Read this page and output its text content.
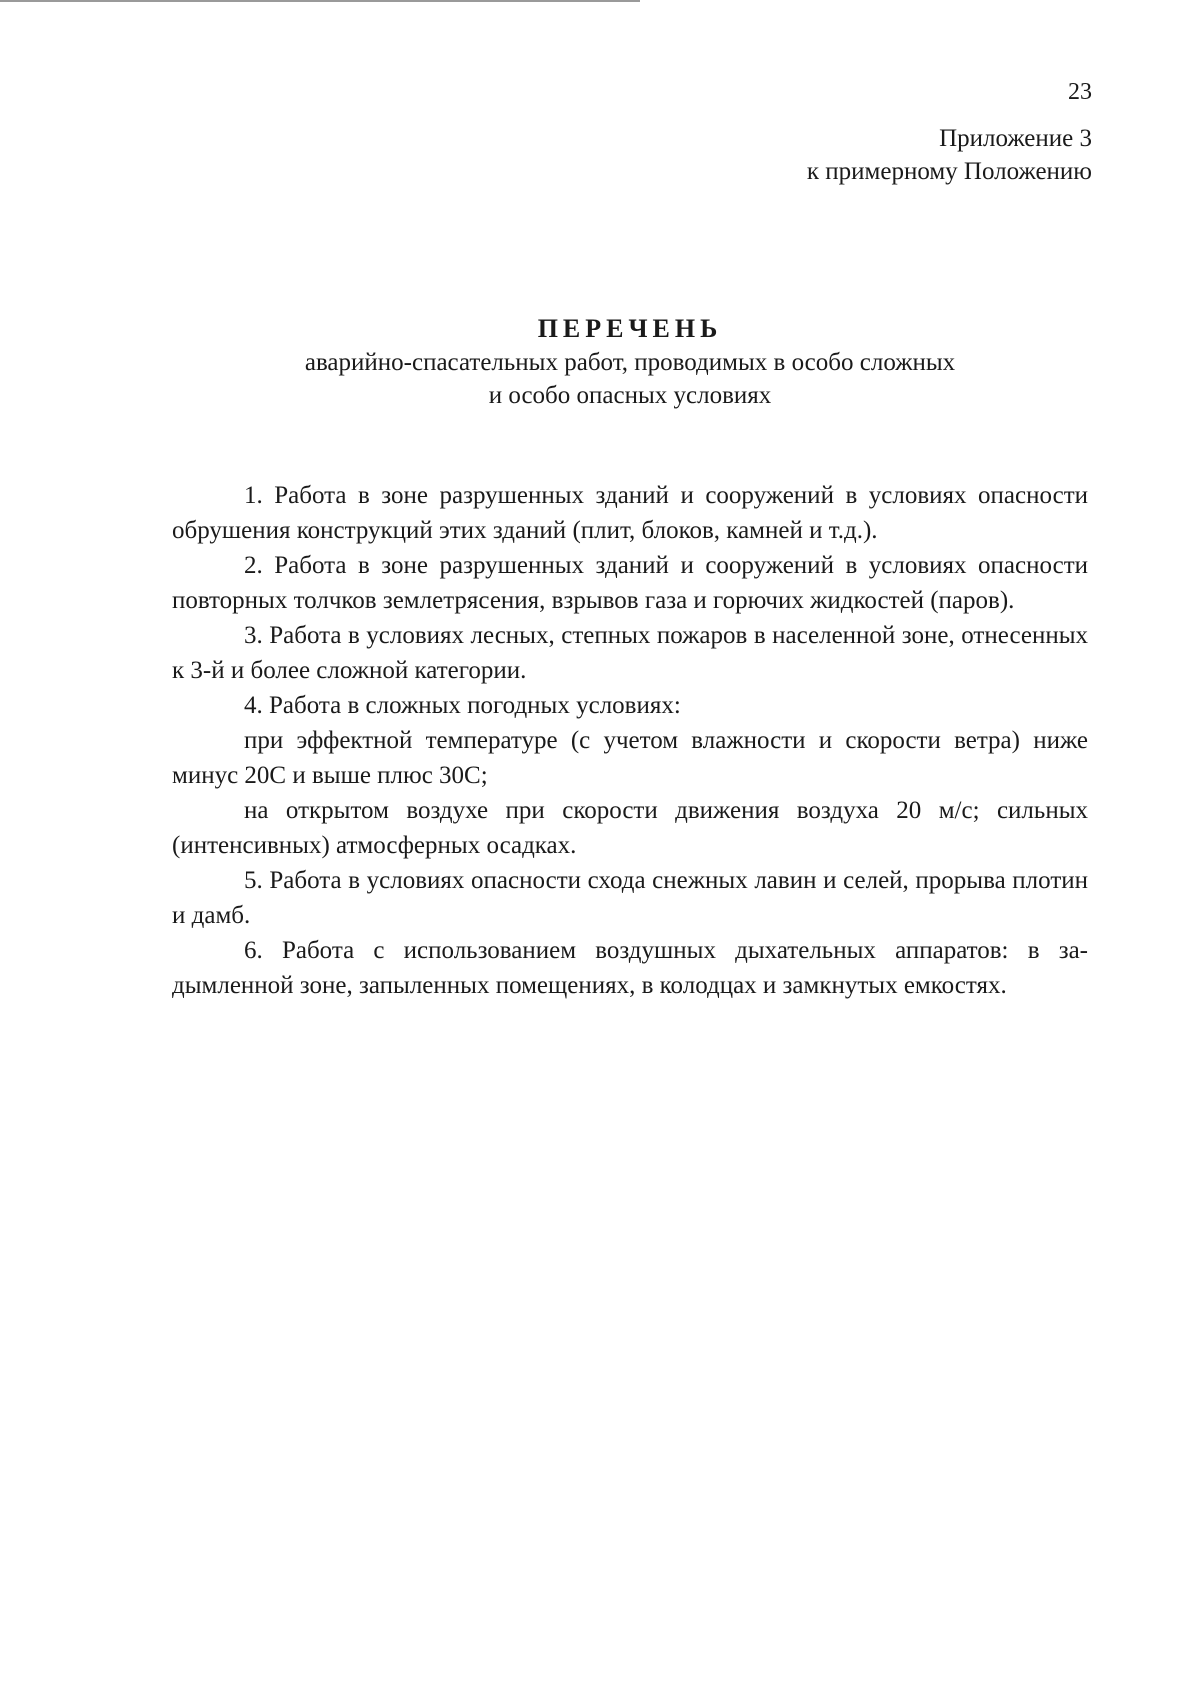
23
Приложение 3
к примерному Положению
ПЕРЕЧЕНЬ
аварийно-спасательных работ, проводимых в особо сложных
и особо опасных условиях

1. Работа в зоне разрушенных зданий и сооружений в условиях опасности обрушения конструкций этих зданий (плит, блоков, камней и т.д.).

2. Работа в зоне разрушенных зданий и сооружений в условиях опасности повторных толчков землетрясения, взрывов газа и горючих жидкостей (паров).

3. Работа в условиях лесных, степных пожаров в населенной зоне, отнесенных к 3-й и более сложной категории.

4. Работа в сложных погодных условиях:

при эффектной температуре (с учетом влажности и скорости ветра) ниже минус 20С и выше плюс 30С;

на открытом воздухе при скорости движения воздуха 20 м/с; сильных (интенсивных) атмосферных осадках.

5. Работа в условиях опасности схода снежных лавин и селей, прорыва плотин и дамб.

6. Работа с использованием воздушных дыхательных аппаратов: в задымленной зоне, запыленных помещениях, в колодцах и замкнутых емкостях.
